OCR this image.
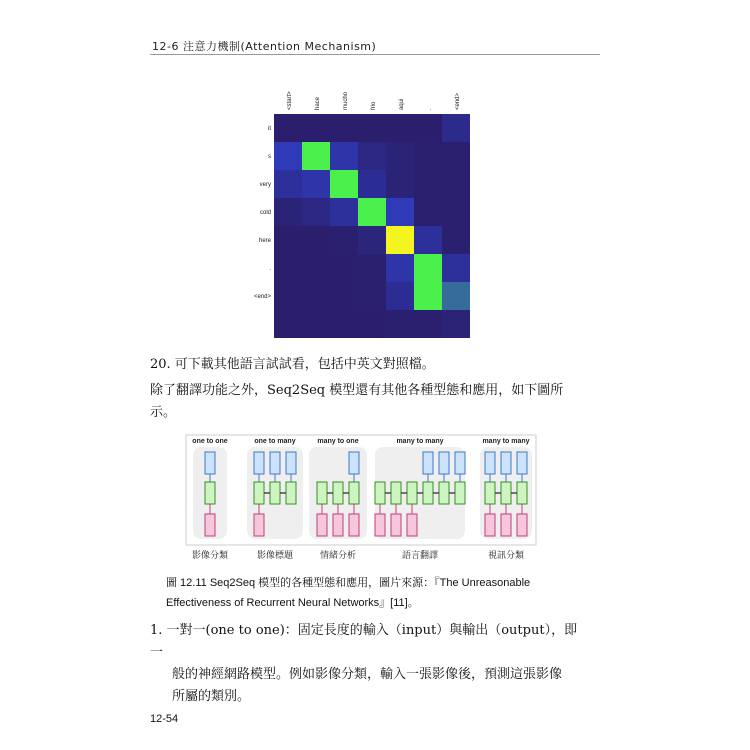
12-6 注意力機制(Attention Mechanism)
<start>	hace	mucho	frio	aqui	.	<end>
it
s
very
cold
here
.
<end>
20. 可下載其他語言試試看，包括中英文對照檔。
除了翻譯功能之外，Seq2Seq 模型還有其他各種型態和應用，如下圖所示。
one to one
影像分類
one to many
影像標題
many to one
情緒分析
many to many
語言翻譯
many to many
視訊分類
圖 12.11 Seq2Seq 模型的各種型態和應用，圖片來源：『The Unreasonable
Effectiveness of Recurrent Neural Networks』[11]。
1. 一對一(one to one)：固定長度的輸入（input）與輸出（output），即一
般的神經網路模型。例如影像分類，輸入一張影像後，預測這張影像
所屬的類別。
12-54
